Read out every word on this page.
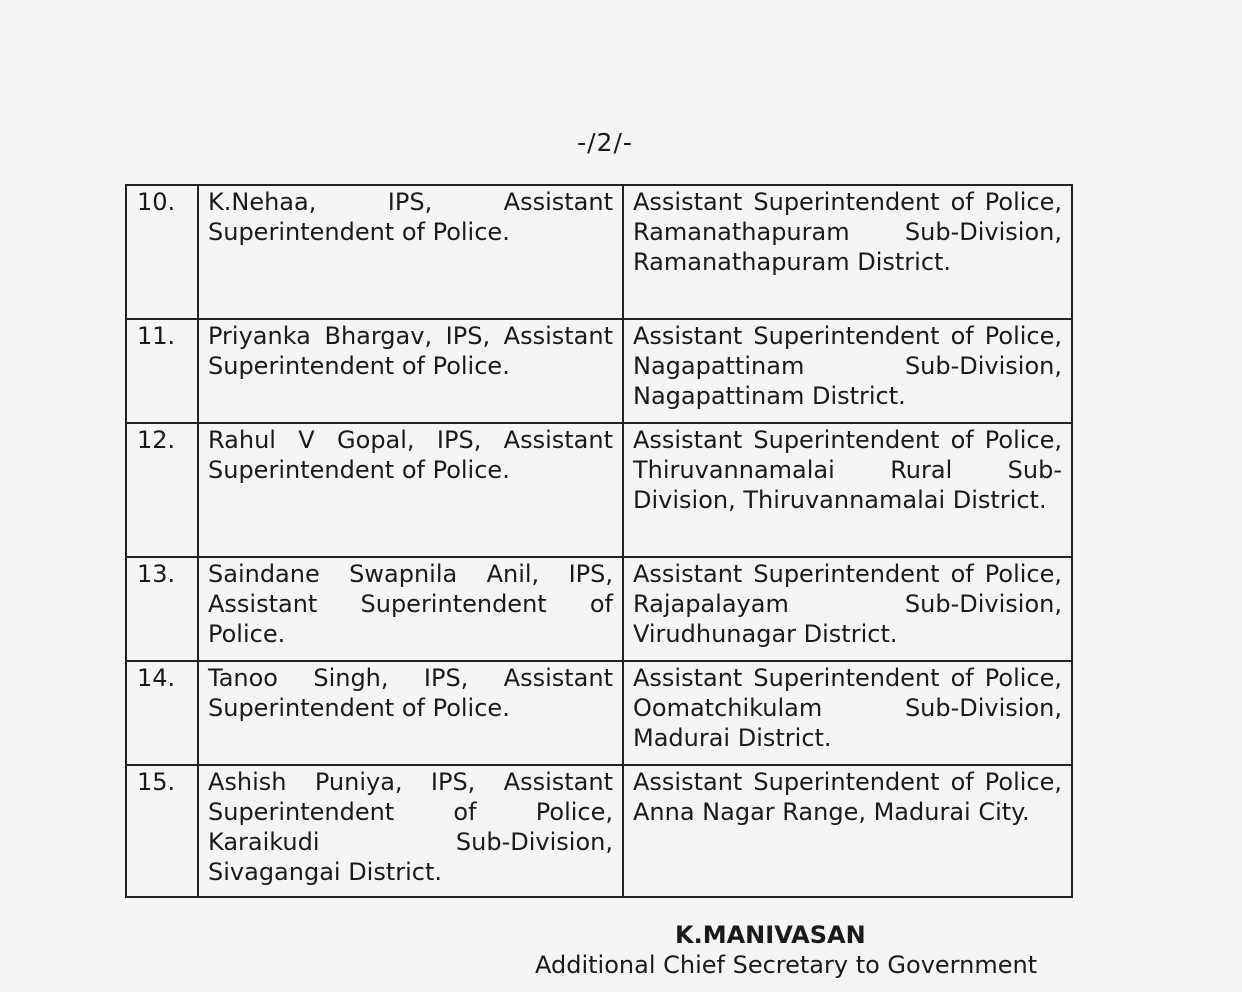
-/2/-
10.	K.Nehaa, IPS, Assistant Superintendent of Police.	Assistant Superintendent of Police, Ramanathapuram Sub-Division, Ramanathapuram District.

11.	Priyanka Bhargav, IPS, Assistant Superintendent of Police.	Assistant Superintendent of Police, Nagapattinam Sub-Division, Nagapattinam District.

12.	Rahul V Gopal, IPS, Assistant Superintendent of Police.	Assistant Superintendent of Police, Thiruvannamalai Rural Sub-Division, Thiruvannamalai District.

13.	Saindane Swapnila Anil, IPS, Assistant Superintendent of Police.	Assistant Superintendent of Police, Rajapalayam Sub-Division, Virudhunagar District.

14.	Tanoo Singh, IPS, Assistant Superintendent of Police.	Assistant Superintendent of Police, Oomatchikulam Sub-Division, Madurai District.

15.	Ashish Puniya, IPS, Assistant Superintendent of Police, Karaikudi Sub-Division, Sivagangai District.	Assistant Superintendent of Police, Anna Nagar Range, Madurai City.
K.MANIVASAN
Additional Chief Secretary to Government
